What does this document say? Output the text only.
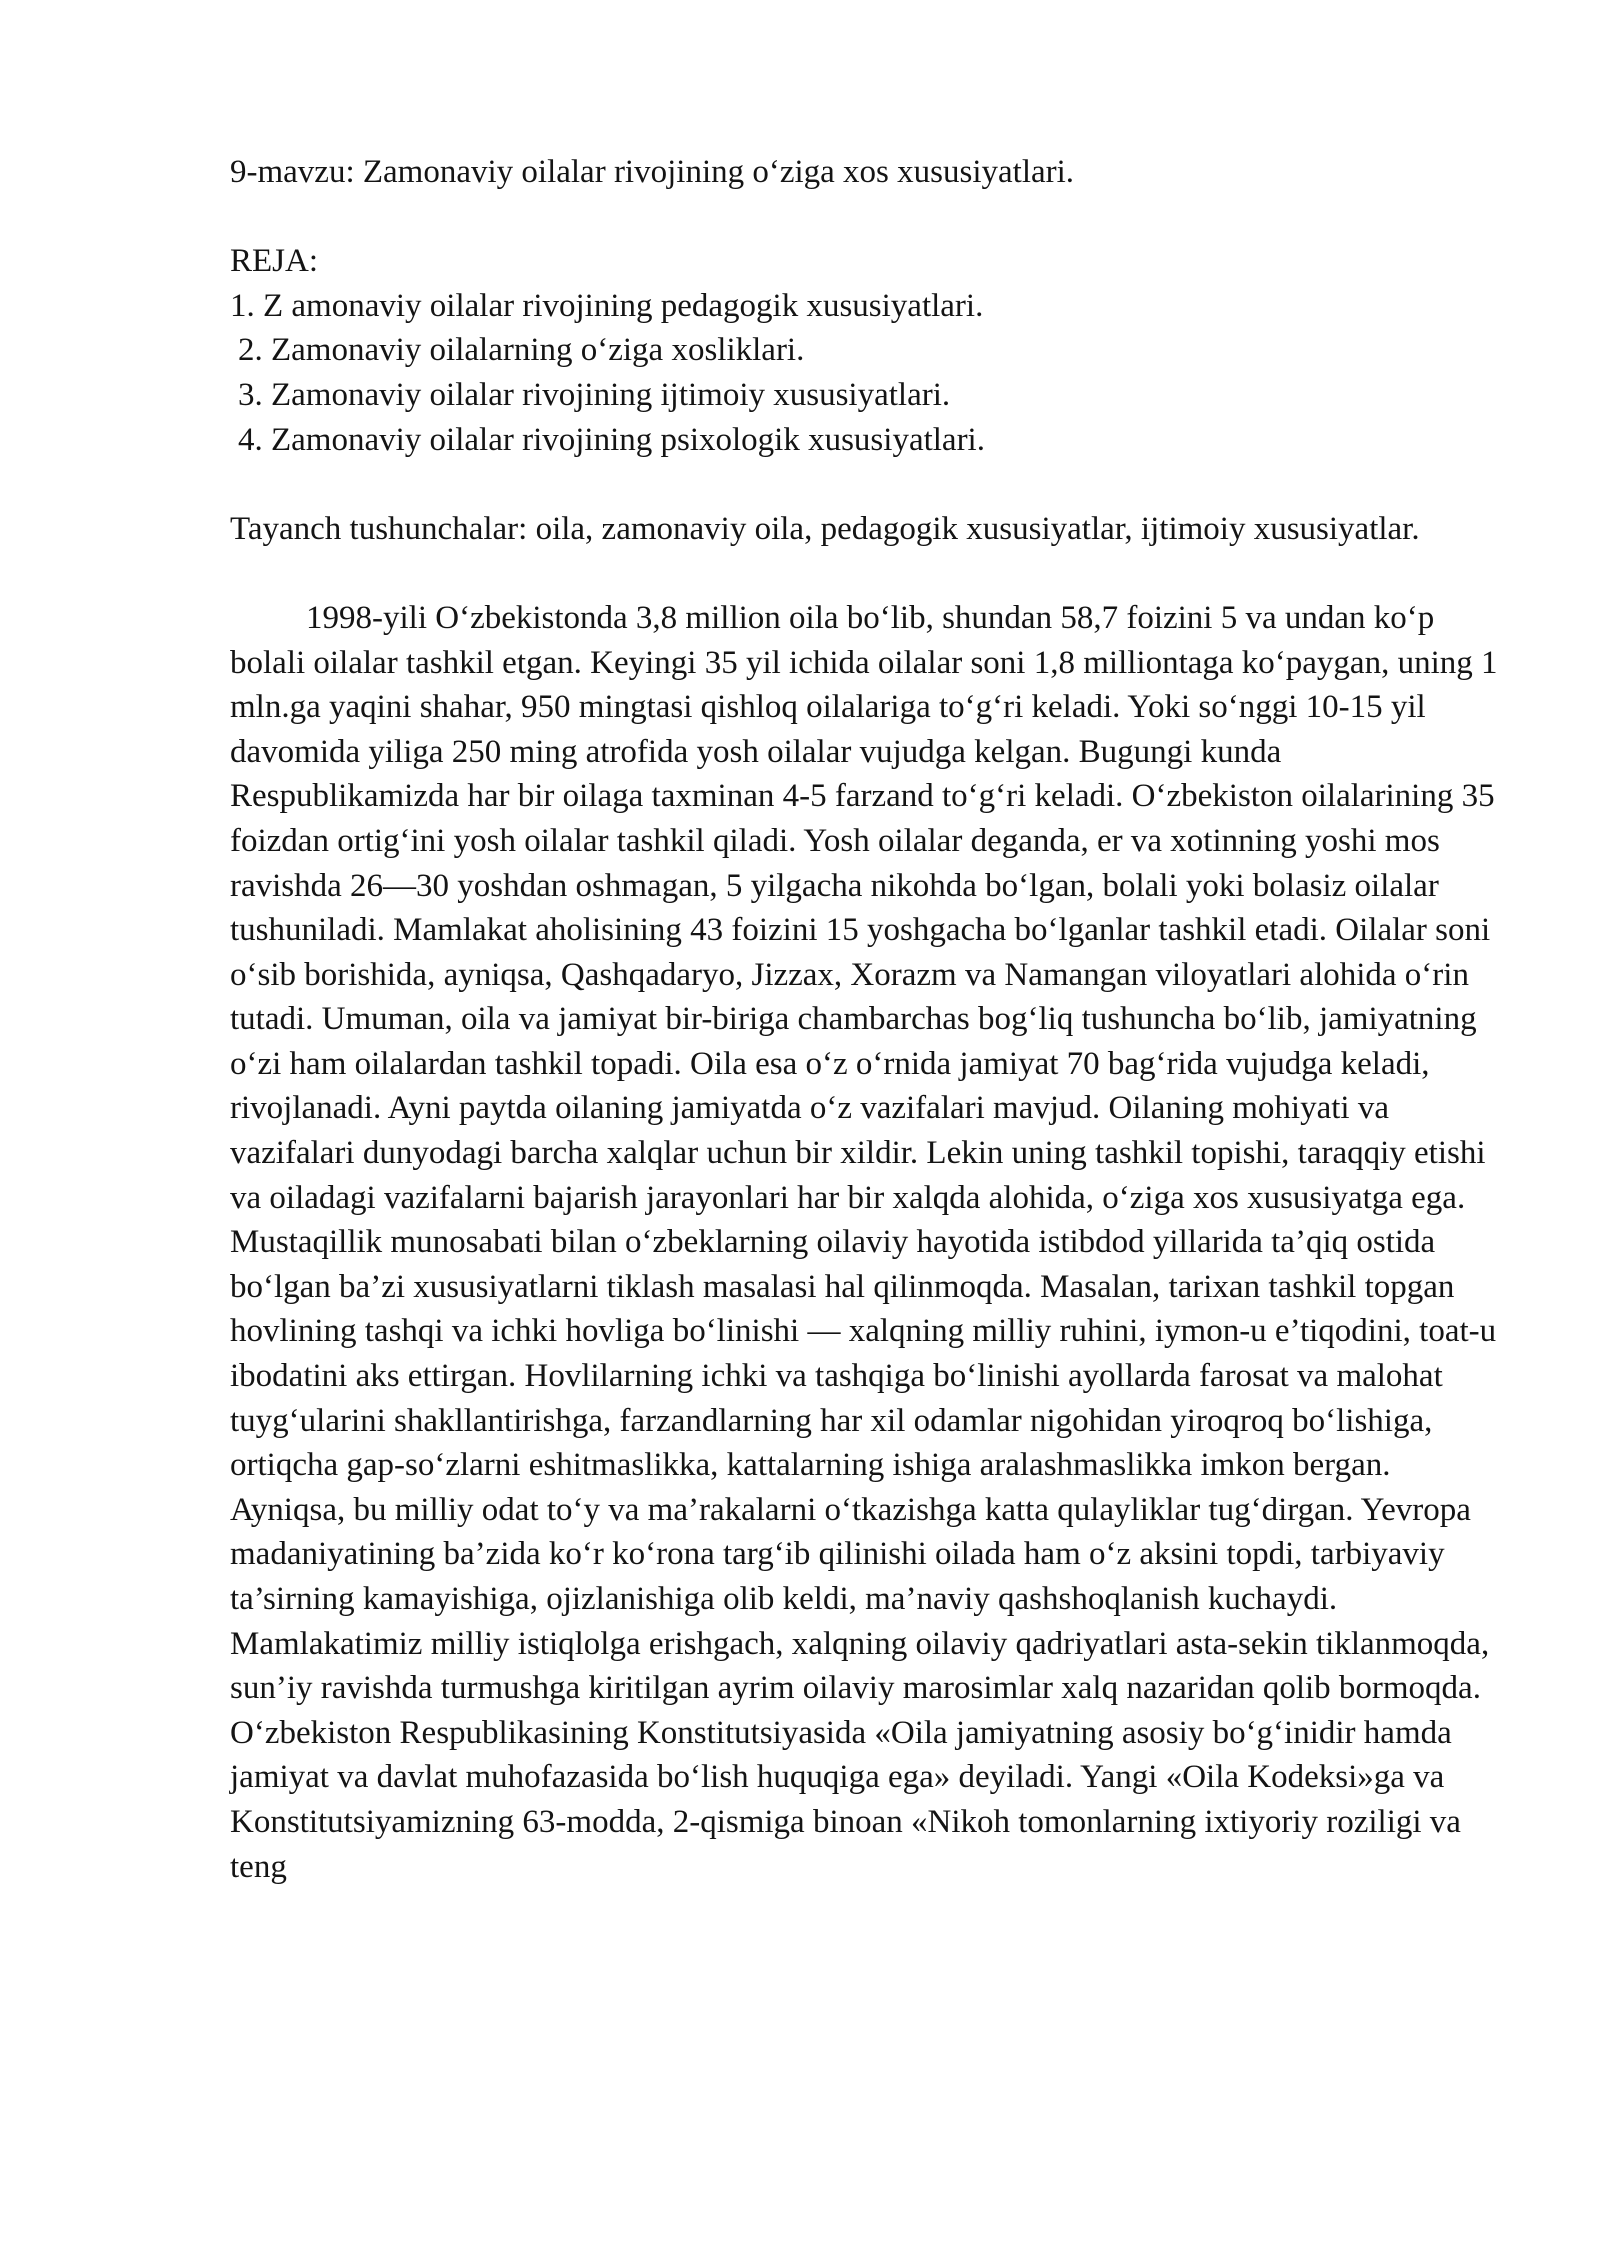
9-mavzu: Zamonaviy oilalar rivojining o‘ziga xos xususiyatlari.

REJA:

1. Z amonaviy oilalar rivojining pedagogik xususiyatlari.
2. Zamonaviy oilalarning o‘ziga xosliklari.
3. Zamonaviy oilalar rivojining ijtimoiy xususiyatlari.
4. Zamonaviy oilalar rivojining psixologik xususiyatlari.

Tayanch tushunchalar: oila, zamonaviy oila, pedagogik xususiyatlar, ijtimoiy xususiyatlar.

1998-yili O‘zbekistonda 3,8 million oila bo‘lib, shundan 58,7 foizini 5 va undan ko‘p bolali oilalar tashkil etgan. Keyingi 35 yil ichida oilalar soni 1,8 milliontaga ko‘paygan, uning 1 mln.ga yaqini shahar, 950 mingtasi qishloq oilalariga to‘g‘ri keladi. Yoki so‘nggi 10-15 yil davomida yiliga 250 ming atrofida yosh oilalar vujudga kelgan. Bugungi kunda Respublikamizda har bir oilaga taxminan 4-5 farzand to‘g‘ri keladi. O‘zbekiston oilalarining 35 foizdan ortig‘ini yosh oilalar tashkil qiladi. Yosh oilalar deganda, er va xotinning yoshi mos ravishda 26—30 yoshdan oshmagan, 5 yilgacha nikohda bo‘lgan, bolali yoki bolasiz oilalar tushuniladi. Mamlakat aholisining 43 foizini 15 yoshgacha bo‘lganlar tashkil etadi. Oilalar soni o‘sib borishida, ayniqsa, Qashqadaryo, Jizzax, Xorazm va Namangan viloyatlari alohida o‘rin tutadi. Umuman, oila va jamiyat bir-biriga chambarchas bog‘liq tushuncha bo‘lib, jamiyatning o‘zi ham oilalardan tashkil topadi. Oila esa o‘z o‘rnida jamiyat 70 bag‘rida vujudga keladi, rivojlanadi. Ayni paytda oilaning jamiyatda o‘z vazifalari mavjud. Oilaning mohiyati va vazifalari dunyodagi barcha xalqlar uchun bir xildir. Lekin uning tashkil topishi, taraqqiy etishi va oiladagi vazifalarni bajarish jarayonlari har bir xalqda alohida, o‘ziga xos xususiyatga ega. Mustaqillik munosabati bilan o‘zbeklarning oilaviy hayotida istibdod yillarida ta’qiq ostida bo‘lgan ba’zi xususiyatlarni tiklash masalasi hal qilinmoqda. Masalan, tarixan tashkil topgan hovlining tashqi va ichki hovliga bo‘linishi — xalqning milliy ruhini, iymon-u e’tiqodini, toat-u ibodatini aks ettirgan. Hovlilarning ichki va tashqiga bo‘linishi ayollarda farosat va malohat tuyg‘ularini shakllantirishga, farzandlarning har xil odamlar nigohidan yiroqroq bo‘lishiga, ortiqcha gap-so‘zlarni eshitmaslikka, kattalarning ishiga aralashmaslikka imkon bergan. Ayniqsa, bu milliy odat to‘y va ma’rakalarni o‘tkazishga katta qulayliklar tug‘dirgan. Yevropa madaniyatining ba’zida ko‘r ko‘rona targ‘ib qilinishi oilada ham o‘z aksini topdi, tarbiyaviy ta’sirning kamayishiga, ojizlanishiga olib keldi, ma’naviy qashshoqlanish kuchaydi. Mamlakatimiz milliy istiqlolga erishgach, xalqning oilaviy qadriyatlari asta-sekin tiklanmoqda, sun’iy ravishda turmushga kiritilgan ayrim oilaviy marosimlar xalq nazaridan qolib bormoqda. O‘zbekiston Respublikasining Konstitutsiyasida «Oila jamiyatning asosiy bo‘g‘inidir hamda jamiyat va davlat muhofazasida bo‘lish huquqiga ega» deyiladi. Yangi «Oila Kodeksi»ga va Konstitutsiyamizning 63-modda, 2-qismiga binoan «Nikoh tomonlarning ixtiyoriy roziligi va teng
